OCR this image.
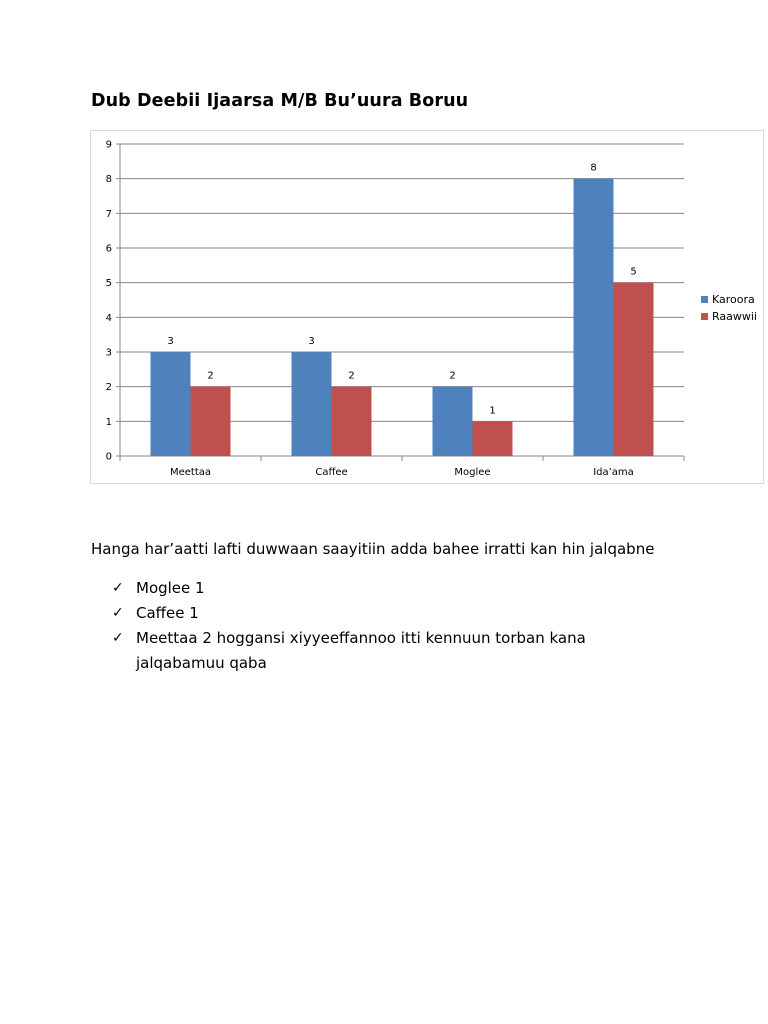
Dub Deebii Ijaarsa M/B Bu’uura Boruu
0
1
2
3
4
5
6
7
8
9
Meettaa
3
2
Caffee
3
2
Moglee
2
1
Ida’ama
8
5
Karoora
Raawwii

Hanga har’aatti lafti duwwaan saayitiin adda bahee irratti kan hin jalqabne

✓ Moglee 1
✓ Caffee 1
✓ Meettaa 2 hoggansi xiyyeeffannoo itti kennuun torban kana jalqabamuu qaba
